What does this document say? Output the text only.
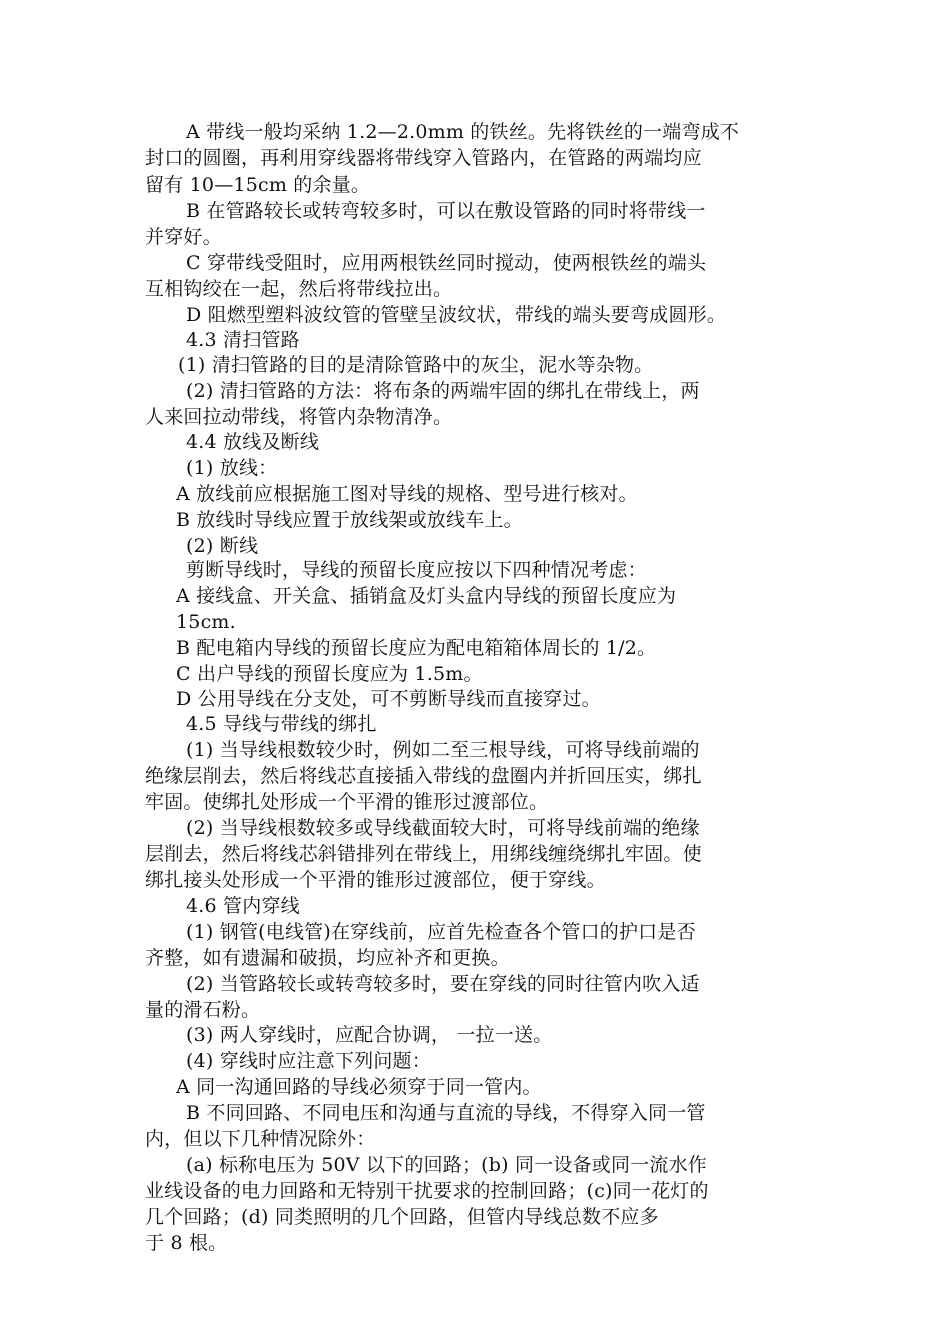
A 带线一般均采纳 1.2—2.0mm 的铁丝。先将铁丝的一端弯成不
封口的圆圈，再利用穿线器将带线穿入管路内，在管路的两端均应
留有 10—15cm 的余量。
B 在管路较长或转弯较多时，可以在敷设管路的同时将带线一
并穿好。
C 穿带线受阻时，应用两根铁丝同时搅动，使两根铁丝的端头
互相钩绞在一起，然后将带线拉出。
D 阻燃型塑料波纹管的管壁呈波纹状，带线的端头要弯成圆形。
4.3 清扫管路
(1) 清扫管路的目的是清除管路中的灰尘，泥水等杂物。
(2) 清扫管路的方法：将布条的两端牢固的绑扎在带线上，两
人来回拉动带线，将管内杂物清净。
4.4 放线及断线
(1) 放线：
A 放线前应根据施工图对导线的规格、型号进行核对。
B 放线时导线应置于放线架或放线车上。
(2) 断线
剪断导线时，导线的预留长度应按以下四种情况考虑：
A 接线盒、开关盒、插销盒及灯头盒内导线的预留长度应为
15cm.
B 配电箱内导线的预留长度应为配电箱箱体周长的 1/2。
C 出户导线的预留长度应为 1.5m。
D 公用导线在分支处，可不剪断导线而直接穿过。
4.5 导线与带线的绑扎
(1) 当导线根数较少时，例如二至三根导线，可将导线前端的
绝缘层削去，然后将线芯直接插入带线的盘圈内并折回压实，绑扎
牢固。使绑扎处形成一个平滑的锥形过渡部位。
(2) 当导线根数较多或导线截面较大时，可将导线前端的绝缘
层削去，然后将线芯斜错排列在带线上，用绑线缠绕绑扎牢固。使
绑扎接头处形成一个平滑的锥形过渡部位，便于穿线。
4.6 管内穿线
(1) 钢管(电线管)在穿线前，应首先检查各个管口的护口是否
齐整，如有遗漏和破损，均应补齐和更换。
(2) 当管路较长或转弯较多时，要在穿线的同时往管内吹入适
量的滑石粉。
(3) 两人穿线时，应配合协调， 一拉一送。
(4) 穿线时应注意下列问题：
A 同一沟通回路的导线必须穿于同一管内。
B 不同回路、不同电压和沟通与直流的导线，不得穿入同一管
内，但以下几种情况除外：
(a) 标称电压为 50V 以下的回路；(b) 同一设备或同一流水作
业线设备的电力回路和无特别干扰要求的控制回路；(c)同一花灯的
几个回路；(d) 同类照明的几个回路，但管内导线总数不应多
于 8 根。
